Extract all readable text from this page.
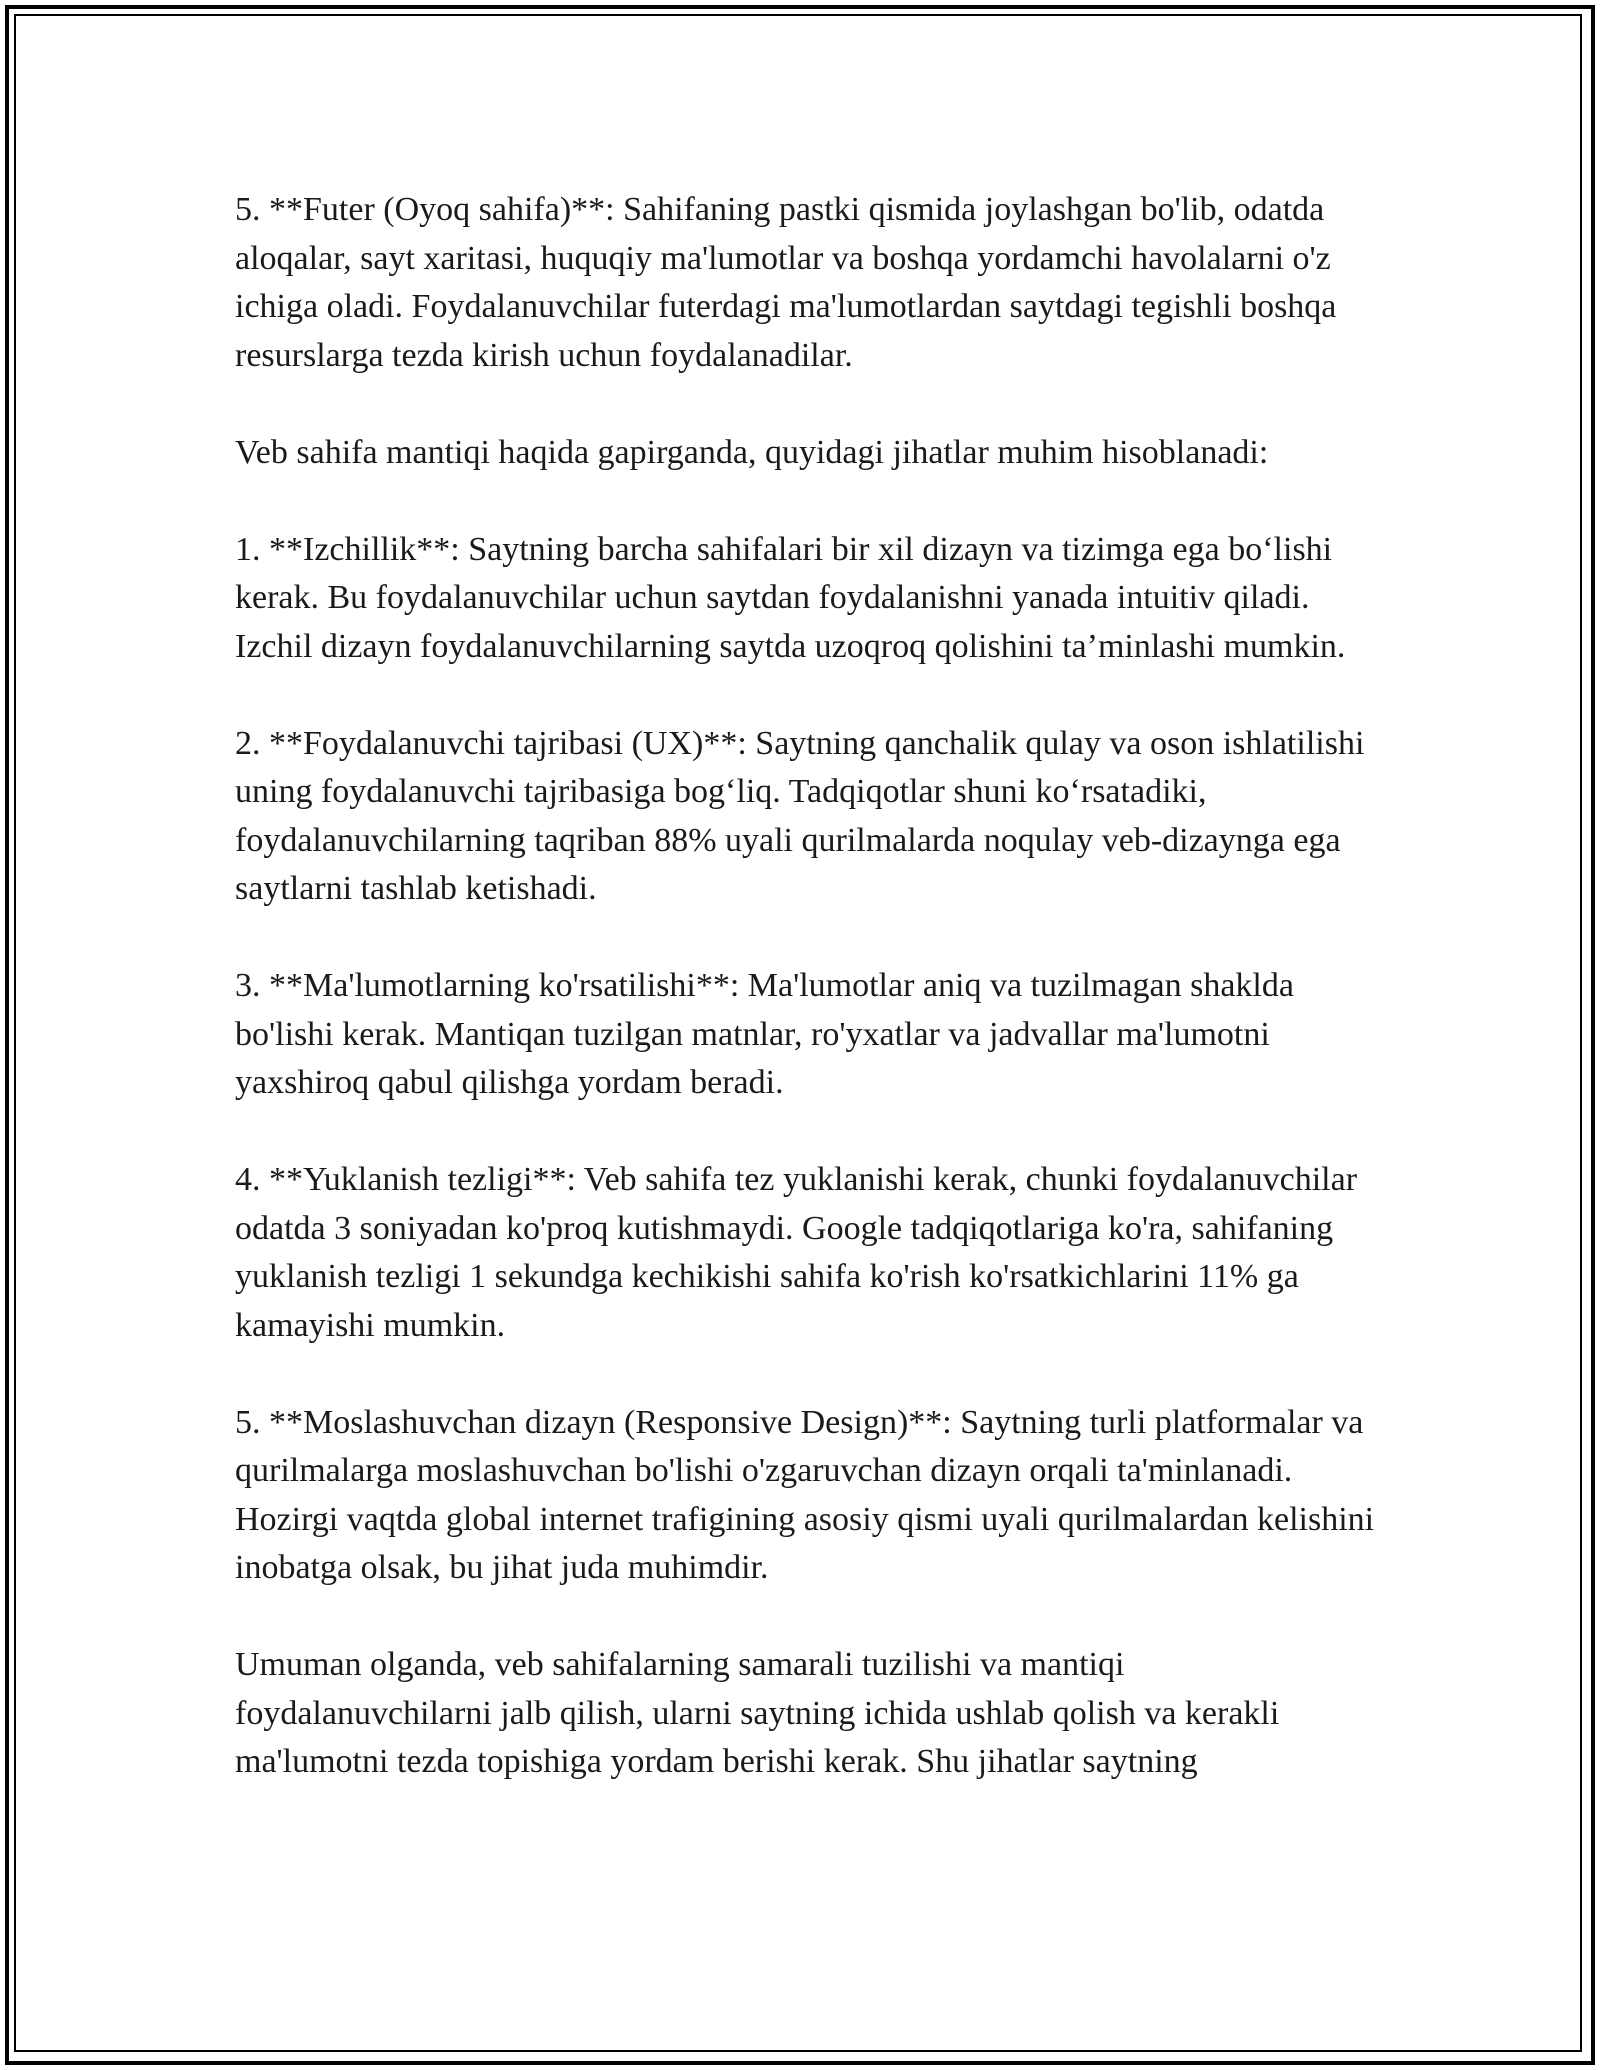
5. **Futer (Oyoq sahifa)**: Sahifaning pastki qismida joylashgan bo'lib, odatda aloqalar, sayt xaritasi, huquqiy ma'lumotlar va boshqa yordamchi havolalarni o'z ichiga oladi. Foydalanuvchilar futerdagi ma'lumotlardan saytdagi tegishli boshqa resurslarga tezda kirish uchun foydalanadilar.

Veb sahifa mantiqi haqida gapirganda, quyidagi jihatlar muhim hisoblanadi:

1. **Izchillik**: Saytning barcha sahifalari bir xil dizayn va tizimga ega bo‘lishi kerak. Bu foydalanuvchilar uchun saytdan foydalanishni yanada intuitiv qiladi. Izchil dizayn foydalanuvchilarning saytda uzoqroq qolishini ta’minlashi mumkin.

2. **Foydalanuvchi tajribasi (UX)**: Saytning qanchalik qulay va oson ishlatilishi uning foydalanuvchi tajribasiga bog‘liq. Tadqiqotlar shuni ko‘rsatadiki, foydalanuvchilarning taqriban 88% uyali qurilmalarda noqulay veb-dizaynga ega saytlarni tashlab ketishadi.

3. **Ma'lumotlarning ko'rsatilishi**: Ma'lumotlar aniq va tuzilmagan shaklda bo'lishi kerak. Mantiqan tuzilgan matnlar, ro'yxatlar va jadvallar ma'lumotni yaxshiroq qabul qilishga yordam beradi.

4. **Yuklanish tezligi**: Veb sahifa tez yuklanishi kerak, chunki foydalanuvchilar odatda 3 soniyadan ko'proq kutishmaydi. Google tadqiqotlariga ko'ra, sahifaning yuklanish tezligi 1 sekundga kechikishi sahifa ko'rish ko'rsatkichlarini 11% ga kamayishi mumkin.

5. **Moslashuvchan dizayn (Responsive Design)**: Saytning turli platformalar va qurilmalarga moslashuvchan bo'lishi o'zgaruvchan dizayn orqali ta'minlanadi. Hozirgi vaqtda global internet trafigining asosiy qismi uyali qurilmalardan kelishini inobatga olsak, bu jihat juda muhimdir.

Umuman olganda, veb sahifalarning samarali tuzilishi va mantiqi foydalanuvchilarni jalb qilish, ularni saytning ichida ushlab qolish va kerakli ma'lumotni tezda topishiga yordam berishi kerak. Shu jihatlar saytning
